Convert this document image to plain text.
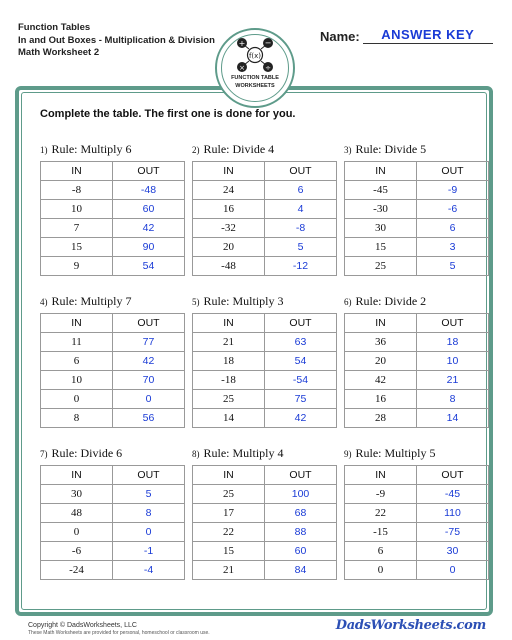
Function Tables
In and Out Boxes - Multiplication & Division
Math Worksheet 2
Name:	ANSWER KEY
f(x)
+ −
×	÷
FUNCTION TABLE
WORKSHEETS
Complete the table. The first one is done for you.
1) Rule: Multiply 6
IN	OUT
-8	-48
10	60
7	42
15	90
9	54
2) Rule: Divide 4
IN	OUT
24	6
16	4
-32	-8
20	5
-48	-12
3) Rule: Divide 5
IN	OUT
-45	-9
-30	-6
30	6
15	3
25	5
4) Rule: Multiply 7
IN	OUT
11	77
6	42
10	70
0	0
8	56
5) Rule: Multiply 3
IN	OUT
21	63
18	54
-18	-54
25	75
14	42
6) Rule: Divide 2
IN	OUT
36	18
20	10
42	21
16	8
28	14
7) Rule: Divide 6
IN	OUT
30	5
48	8
0	0
-6	-1
-24	-4
8) Rule: Multiply 4
IN	OUT
25	100
17	68
22	88
15	60
21	84
9) Rule: Multiply 5
IN	OUT
-9	-45
22	110
-15	-75
6	30
0	0
Copyright © DadsWorksheets, LLC
These Math Worksheets are provided for personal, homeschool or classroom use.	DadsWorksheets.com
